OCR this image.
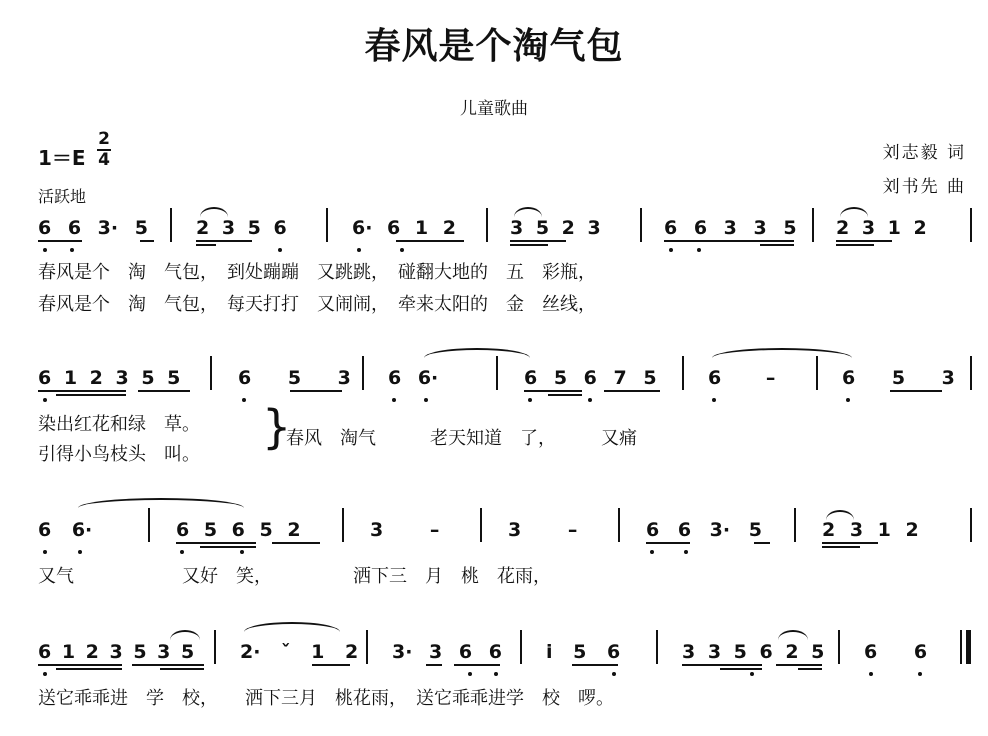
春风是个淘气包
儿童歌曲
1＝E
2
4
活跃地
刘志毅 词
刘书先 曲
6 6 3· 5	2 3 5 6	6· 6 1 2	3 5 2 3	6 6 3 3 5	2 3 1 2
春风是个　淘　气包，　到处蹦蹦　又跳跳，　碰翻大地的　五　彩瓶，
春风是个　淘　气包，　每天打打　又闹闹，　牵来太阳的　金　丝线，
6 1 2 3 5 5	6 5 3	6 6·	6 5 6 7 5	6 –	6 5 3
染出红花和绿　草。
引得小鸟枝头　叫。
}
春风　淘气　　　老天知道　了，　　　又痛
6 6·	6 5 6 5 2	3 –	3 –	6 6 3· 5	2 3 1 2
又气　　　　　　又好　笑，　　　　　洒下三　月　桃　花雨，
6 1 2 3 5 3 5	2· ˇ 1 2 3· 3 6 6	i 5 6	3 3 5 6 2 5	6 6
送它乖乖进　学　校，　　洒下三月　桃花雨，　送它乖乖进学　校　啰。
